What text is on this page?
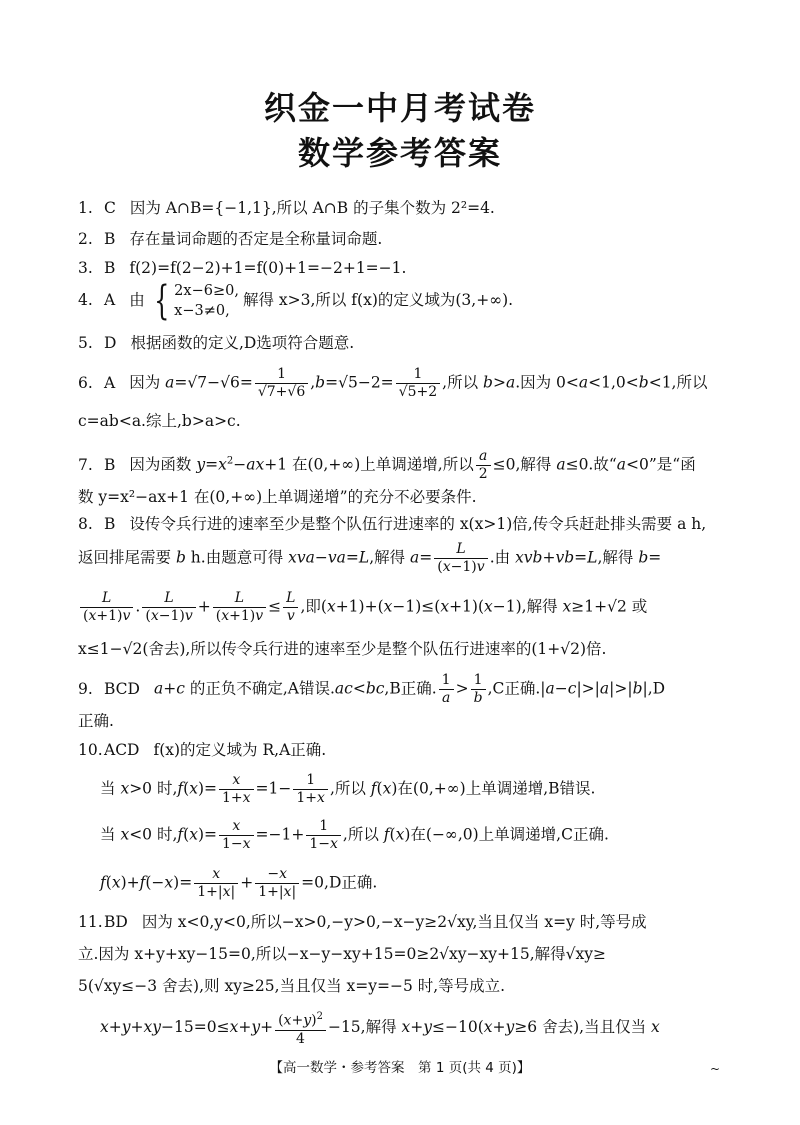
织金一中月考试卷
数学参考答案
1. C 因为 A∩B={−1,1},所以 A∩B 的子集个数为 2²=4.
2. B 存在量词命题的否定是全称量词命题.
3. B f(2)=f(2−2)+1=f(0)+1=−2+1=−1.
4. A 由 { 2x−6≥0,
x−3≠0,解得 x>3,所以 f(x)的定义域为(3,+∞).
5. D 根据函数的定义,D选项符合题意.
6. A 因为 $a=√7-√6= \frac{1}{√7+√6} ,b=√5-2= \frac{1}{√5+2}$ ,所以 b>a.因为 0<a<1,0<b<1,所以
c=ab<a.综上,b>a>c.
7. B 因为函数 $y=x^2-ax+1$ 在(0,+∞)上单调递增,所以 $\frac{a}{2} \le 0$,解得 a≤0.故“a<0”是“函
数 y=x²−ax+1 在(0,+∞)上单调递增”的充分不必要条件.
8. B 设传令兵行进的速率至少是整个队伍行进速率的 x(x>1)倍,传令兵赶赴排头需要 a h,
返回排尾需要 b h.由题意可得 xva−va=L,解得 $a= \frac{L}{(x-1)v}$ .由 xvb+vb=L,解得 b=
$\frac{L}{(x+1)v}$ . $\frac{L}{(x-1)v} + \frac{L}{(x+1)v} \le \frac{L}{v}$ ,即(x+1)+(x−1)≤(x+1)(x−1),解得 x≥1+√2 或
x≤1−√2(舍去),所以传令兵行进的速率至少是整个队伍行进速率的(1+√2)倍.
9. BCD a+c 的正负不确定,A错误.ac<bc,B正确. $\frac{1}{a} > \frac{1}{b} ,C$正确.|a−c|>|a|>|b|,D
正确.
10.ACD f(x)的定义域为 R,A正确.
当 x>0 时$,f(x)= \frac{x}{1+x} =1- \frac{1}{1+x}$ ,所以 f(x)在(0,+∞)上单调递增,B错误.
当 x<0 时$,f(x)= \frac{x}{1-x} =-1+ \frac{1}{1-x}$ ,所以 f(x)在(−∞,0)上单调递增,C正确.
$f(x)+f(-x)= \frac{x}{1+|x|} + \frac{-x}{1+|x|} =0,D$正确.
11.BD 因为 x<0,y<0,所以−x>0,−y>0,−x−y≥2√xy,当且仅当 x=y 时,等号成
立.因为 x+y+xy−15=0,所以−x−y−xy+15=0≥2√xy−xy+15,解得√xy≥
5(√xy≤−3 舍去),则 xy≥25,当且仅当 x=y=−5 时,等号成立.
$x+y+xy-15=0\le x+y+ \frac{(x+y)^2}{4} -15$,解得 x+y≤−10(x+y≥6 舍去),当且仅当 x
【高一数学・参考答案　第 1 页(共 4 页)】	~
